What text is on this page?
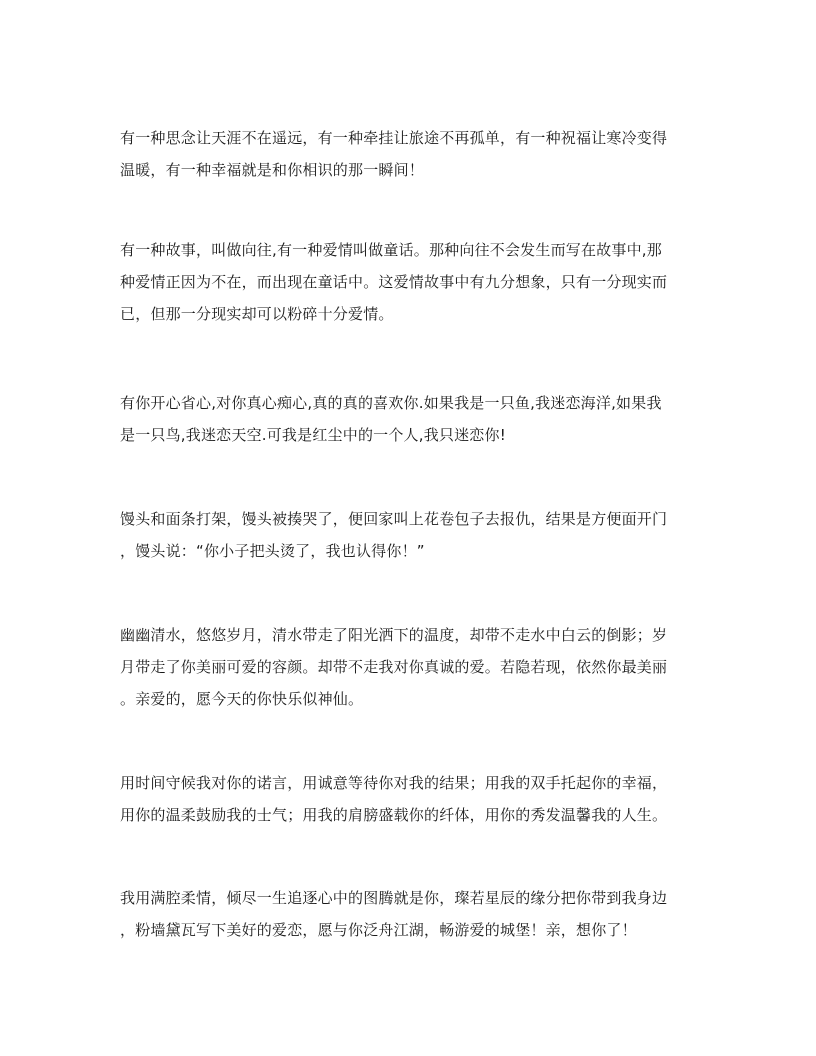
有一种思念让天涯不在遥远，有一种牵挂让旅途不再孤单，有一种祝福让寒冷变得
温暖，有一种幸福就是和你相识的那一瞬间！

有一种故事，叫做向往,有一种爱情叫做童话。那种向往不会发生而写在故事中,那
种爱情正因为不在，而出现在童话中。这爱情故事中有九分想象，只有一分现实而
已，但那一分现实却可以粉碎十分爱情。

有你开心省心,对你真心痴心,真的真的喜欢你.如果我是一只鱼,我迷恋海洋,如果我
是一只鸟,我迷恋天空.可我是红尘中的一个人,我只迷恋你!

馒头和面条打架，馒头被揍哭了，便回家叫上花卷包子去报仇，结果是方便面开门
，馒头说：“你小子把头烫了，我也认得你！”

幽幽清水，悠悠岁月，清水带走了阳光洒下的温度，却带不走水中白云的倒影；岁
月带走了你美丽可爱的容颜。却带不走我对你真诚的爱。若隐若现，依然你最美丽
。亲爱的，愿今天的你快乐似神仙。

用时间守候我对你的诺言，用诚意等待你对我的结果；用我的双手托起你的幸福，
用你的温柔鼓励我的士气；用我的肩膀盛载你的纤体，用你的秀发温馨我的人生。

我用满腔柔情，倾尽一生追逐心中的图腾就是你，璨若星辰的缘分把你带到我身边
，粉墙黛瓦写下美好的爱恋，愿与你泛舟江湖，畅游爱的城堡！亲，想你了！
